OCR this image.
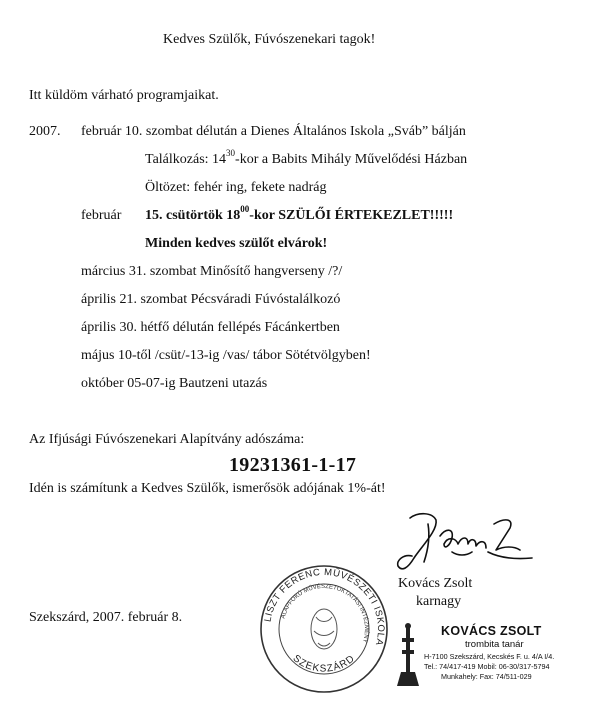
Kedves Szülők, Fúvószenekari tagok!
Itt küldöm várható programjaikat.
2007. február 10. szombat délután a Dienes Általános Iskola „Sváb” bálján
Találkozás: $14^{30}$-kor a Babits Mihály Művelődési Házban
Öltözet: fehér ing, fekete nadrág
február 15. csütörtök $18^{00}$-kor SZÜLŐI ÉRTEKEZLET!!!!!
Minden kedves szülőt elvárok!
március 31. szombat Minősítő hangverseny /?/
április 21. szombat Pécsváradi Fúvóstalálkozó
április 30. hétfő délután fellépés Fácánkertben
május 10-től /csüt/-13-ig /vas/ tábor Sötétvölgyben!
október 05-07-ig Bautzeni utazás
Az Ifjúsági Fúvószenekari Alapítvány adószáma:
19231361-1-17
Idén is számítunk a Kedves Szülők, ismerősök adójának 1%-át!
Kovács Zsolt
karnagy
Szekszárd, 2007. február 8.	LISZT FERENC MŰVÉSZETI ISKOLA
ALAPFOKÚ MŰVÉSZETOKTATÁSI INTÉZMÉNY
SZEKSZÁRD
KOVÁCS ZSOLT
trombita tanár
H-7100 Szekszárd, Kecskés F. u. 4/A I/4.
Tel.: 74/417-419 Mobil: 06-30/317-5794
Munkahely: Fax: 74/511-029
